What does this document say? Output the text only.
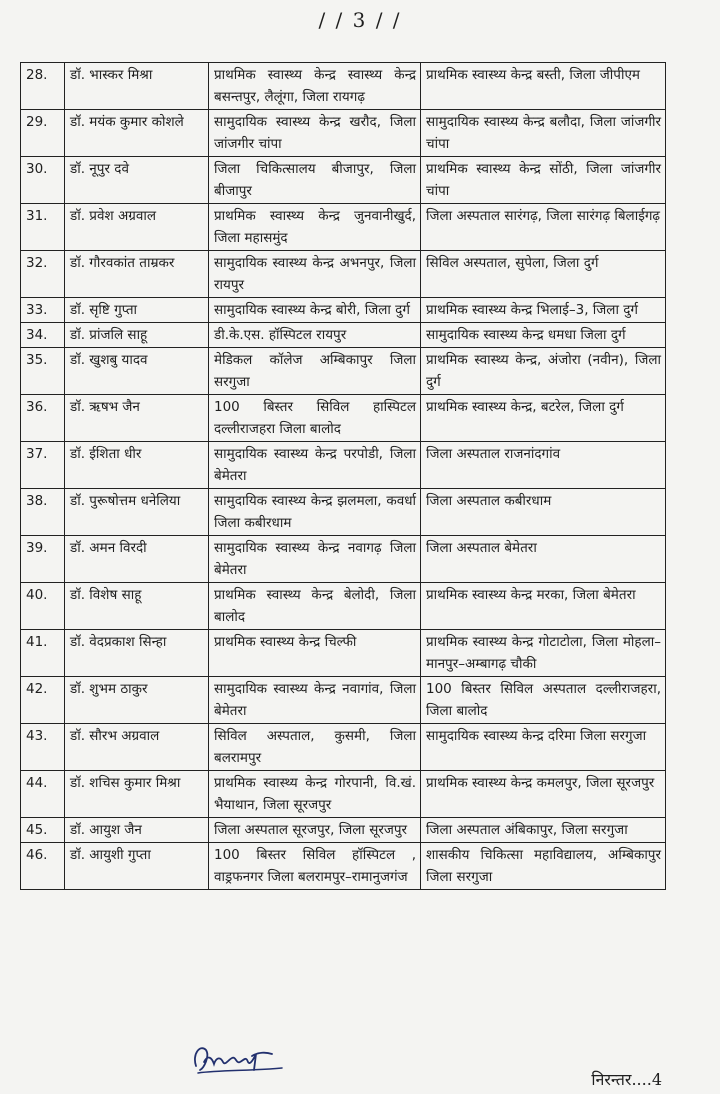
/ / 3 / /
28.	डॉ. भास्कर मिश्रा	प्राथमिक स्वास्थ्य केन्द्र स्वास्थ्य केन्द्र बसन्तपुर, लैलूंगा, जिला रायगढ़	प्राथमिक स्वास्थ्य केन्द्र बस्ती, जिला जीपीएम
29.	डॉ. मयंक कुमार कोशले	सामुदायिक स्वास्थ्य केन्द्र खरौद, जिला जांजगीर चांपा	सामुदायिक स्वास्थ्य केन्द्र बलौदा, जिला जांजगीर चांपा
30.	डॉ. नूपुर दवे	जिला चिकित्सालय बीजापुर, जिला बीजापुर	प्राथमिक स्वास्थ्य केन्द्र सोंठी, जिला जांजगीर चांपा
31.	डॉ. प्रवेश अग्रवाल	प्राथमिक स्वास्थ्य केन्द्र जुनवानीखुर्द, जिला महासमुंद	जिला अस्पताल सारंगढ़, जिला सारंगढ़ बिलाईगढ़
32.	डॉ. गौरवकांत ताम्रकर	सामुदायिक स्वास्थ्य केन्द्र अभनपुर, जिला रायपुर	सिविल अस्पताल, सुपेला, जिला दुर्ग
33.	डॉ. सृष्टि गुप्ता	सामुदायिक स्वास्थ्य केन्द्र बोरी, जिला दुर्ग	प्राथमिक स्वास्थ्य केन्द्र भिलाई–3, जिला दुर्ग
34.	डॉ. प्रांजलि साहू	डी.के.एस. हॉस्पिटल रायपुर	सामुदायिक स्वास्थ्य केन्द्र धमधा जिला दुर्ग
35.	डॉ. खुशबु यादव	मेडिकल कॉलेज अम्बिकापुर जिला सरगुजा	प्राथमिक स्वास्थ्य केन्द्र, अंजोरा (नवीन), जिला दुर्ग
36.	डॉ. ऋषभ जैन	100 बिस्तर सिविल हास्पिटल दल्लीराजहरा जिला बालोद	प्राथमिक स्वास्थ्य केन्द्र, बटरेल, जिला दुर्ग
37.	डॉ. ईशिता धीर	सामुदायिक स्वास्थ्य केन्द्र परपोडी, जिला बेमेतरा	जिला अस्पताल राजनांदगांव
38.	डॉ. पुरूषोत्तम धनेलिया	सामुदायिक स्वास्थ्य केन्द्र झलमला, कवर्धा जिला कबीरधाम	जिला अस्पताल कबीरधाम
39.	डॉ. अमन विरदी	सामुदायिक स्वास्थ्य केन्द्र नवागढ़ जिला बेमेतरा	जिला अस्पताल बेमेतरा
40.	डॉ. विशेष साहू	प्राथमिक स्वास्थ्य केन्द्र बेलोदी, जिला बालोद	प्राथमिक स्वास्थ्य केन्द्र मरका, जिला बेमेतरा
41.	डॉ. वेदप्रकाश सिन्हा	प्राथमिक स्वास्थ्य केन्द्र चिल्फी	प्राथमिक स्वास्थ्य केन्द्र गोटाटोला, जिला मोहला–मानपुर–अम्बागढ़ चौकी
42.	डॉ. शुभम ठाकुर	सामुदायिक स्वास्थ्य केन्द्र नवागांव, जिला बेमेतरा	100 बिस्तर सिविल अस्पताल दल्लीराजहरा, जिला बालोद
43.	डॉ. सौरभ अग्रवाल	सिविल अस्पताल, कुसमी, जिला बलरामपुर	सामुदायिक स्वास्थ्य केन्द्र दरिमा जिला सरगुजा
44.	डॉ. शचिस कुमार मिश्रा	प्राथमिक स्वास्थ्य केन्द्र गोरपानी, वि.खं. भैयाथान, जिला सूरजपुर	प्राथमिक स्वास्थ्य केन्द्र कमलपुर, जिला सूरजपुर
45.	डॉ. आयुश जैन	जिला अस्पताल सूरजपुर, जिला सूरजपुर	जिला अस्पताल अंबिकापुर, जिला सरगुजा
46.	डॉ. आयुशी गुप्ता	100 बिस्तर सिविल हॉस्पिटल , वाड्रफनगर जिला बलरामपुर–रामानुजगंज	शासकीय चिकित्सा महाविद्यालय, अम्बिकापुर जिला सरगुजा
निरन्तर....4
